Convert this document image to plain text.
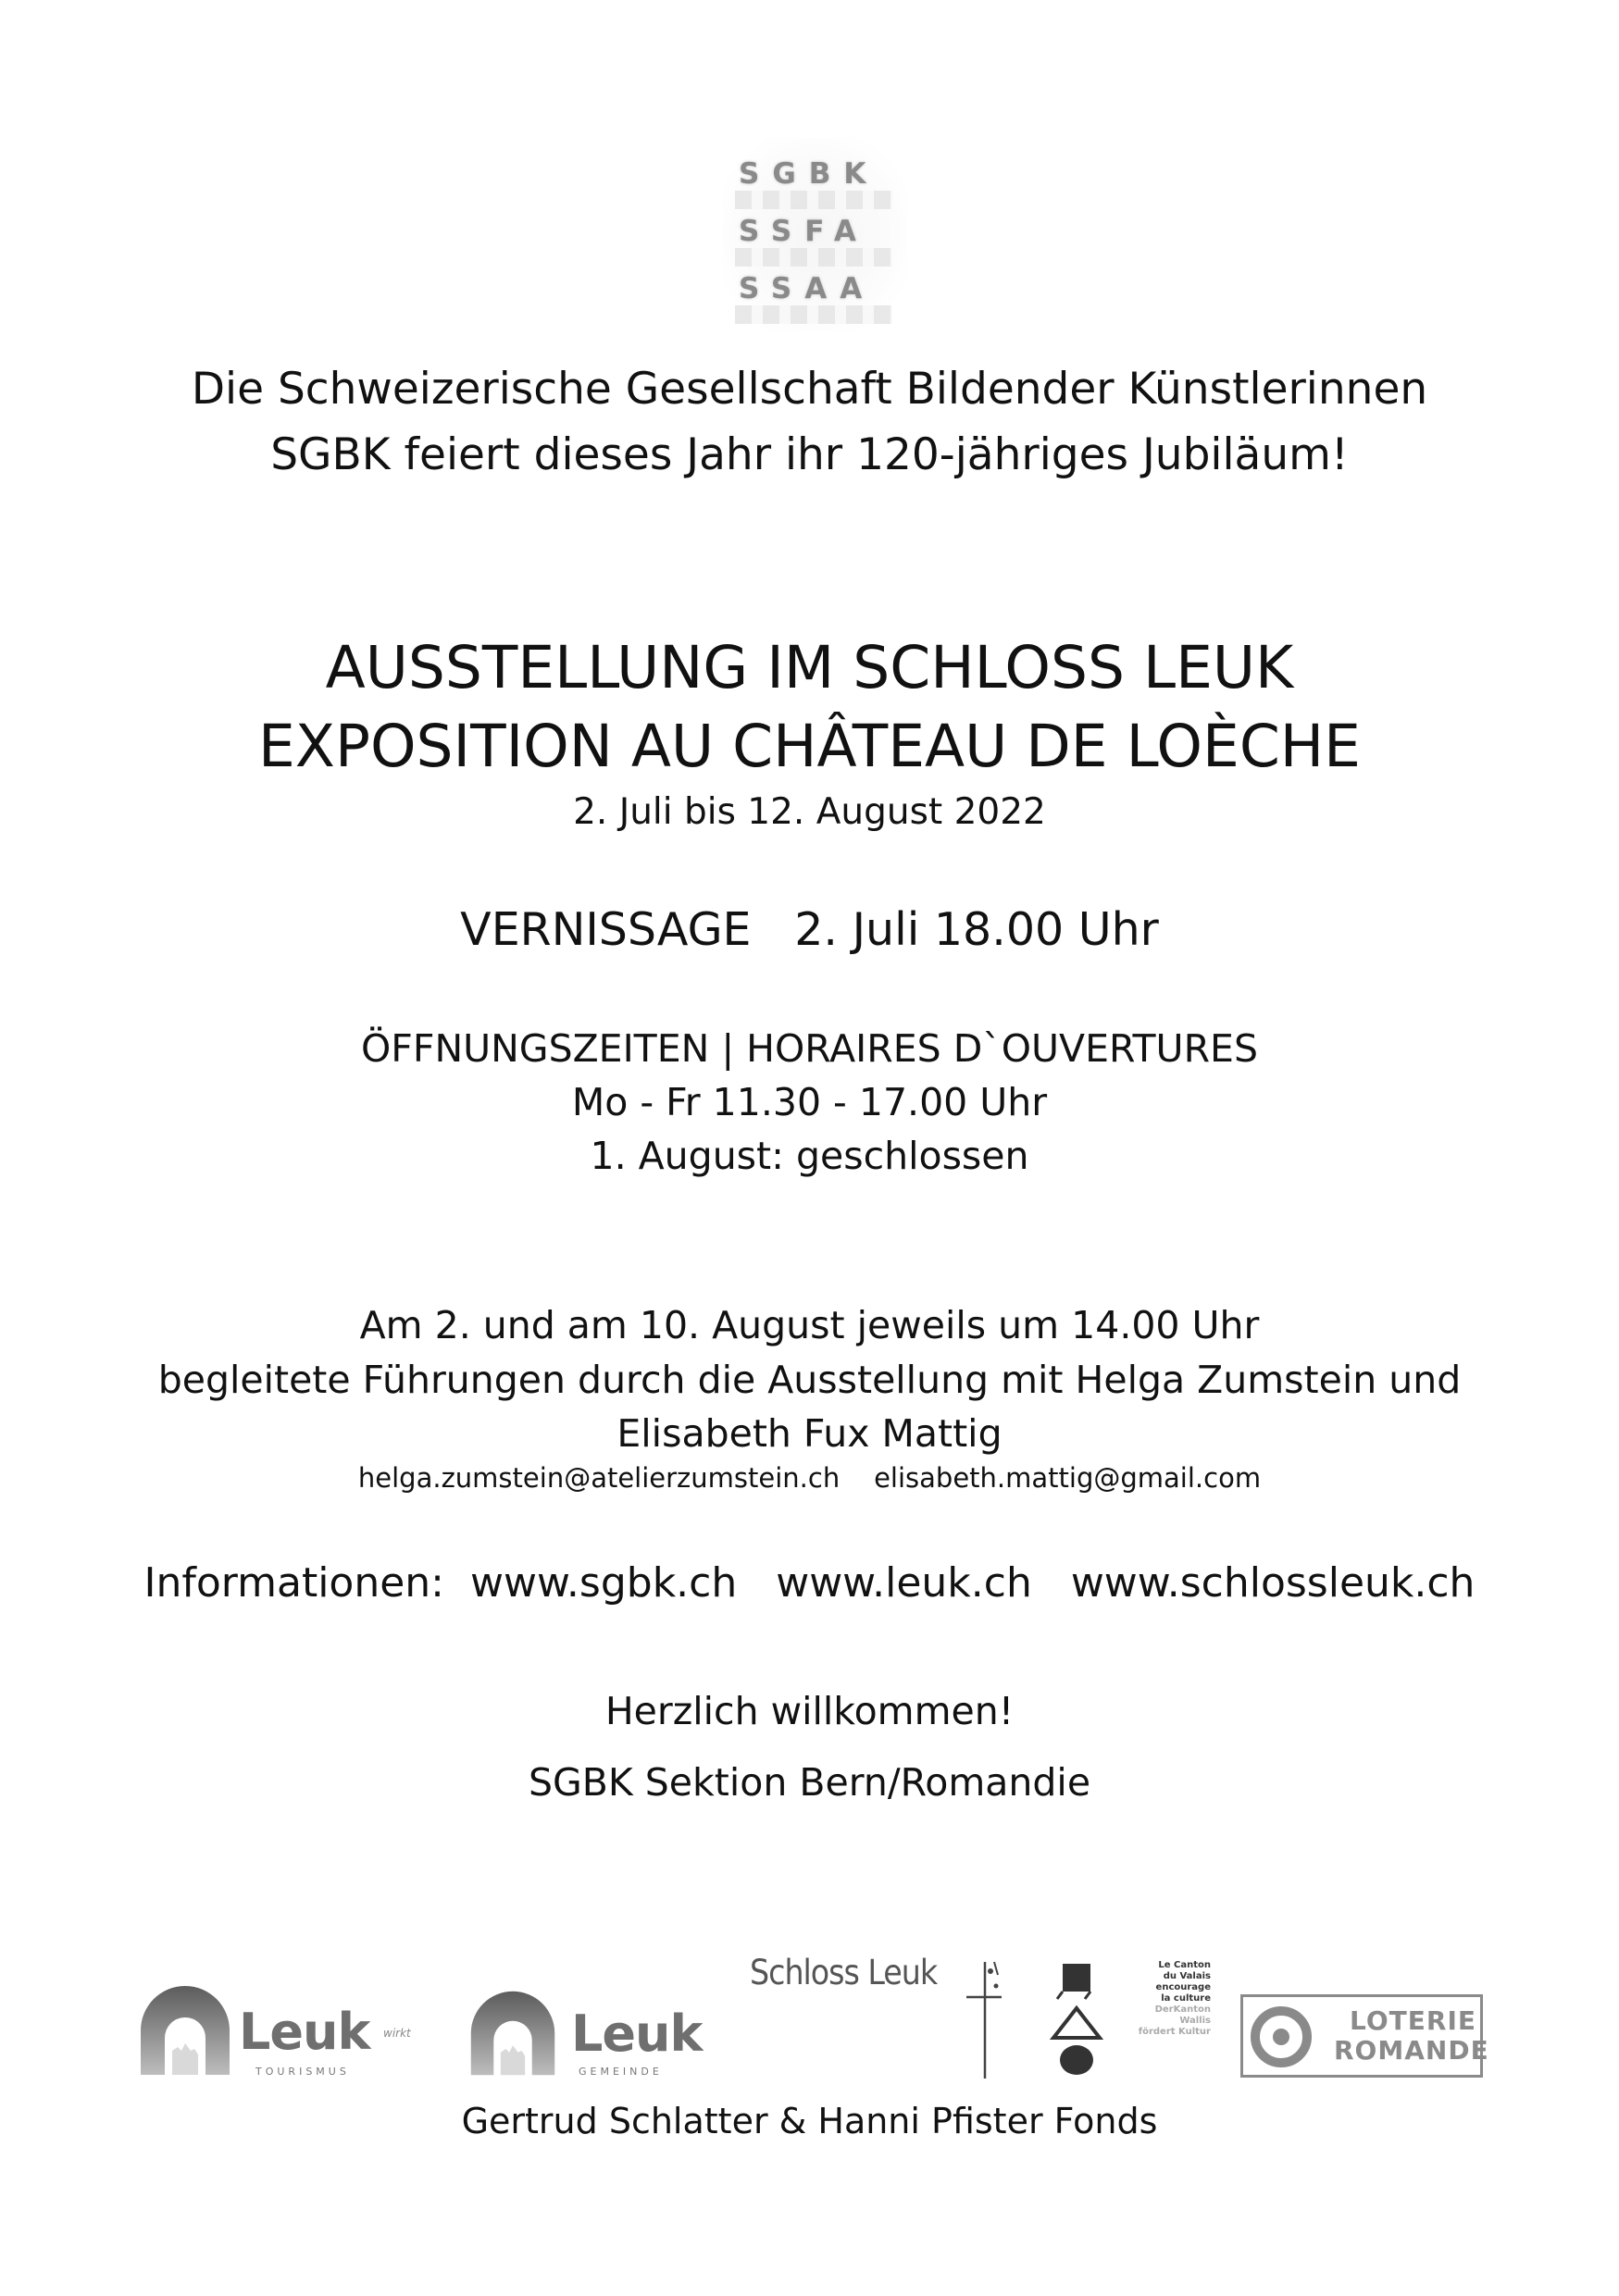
SGBK
SSFA
SSAA
Die Schweizerische Gesellschaft Bildender Künstlerinnen
SGBK feiert dieses Jahr ihr 120-jähriges Jubiläum!
AUSSTELLUNG IM SCHLOSS LEUK
EXPOSITION AU CHÂTEAU DE LOÈCHE
2. Juli bis 12. August 2022
VERNISSAGE 2. Juli 18.00 Uhr
ÖFFNUNGSZEITEN | HORAIRES D`OUVERTURES
Mo - Fr 11.30 - 17.00 Uhr
1. August: geschlossen
Am 2. und am 10. August jeweils um 14.00 Uhr
begleitete Führungen durch die Ausstellung mit Helga Zumstein und
Elisabeth Fux Mattig
helga.zumstein@atelierzumstein.ch elisabeth.mattig@gmail.com
Informationen: www.sgbk.ch www.leuk.ch www.schlossleuk.ch
Herzlich willkommen!
SGBK Sektion Bern/Romandie
Leuk wirkt
TOURISMUS
Leuk
GEMEINDE
Schloss Leuk	Le Canton
du Valais
encourage
la culture
DerKanton
Wallis
fördert Kultur	LOTERIE
ROMANDE
Gertrud Schlatter & Hanni Pfister Fonds
